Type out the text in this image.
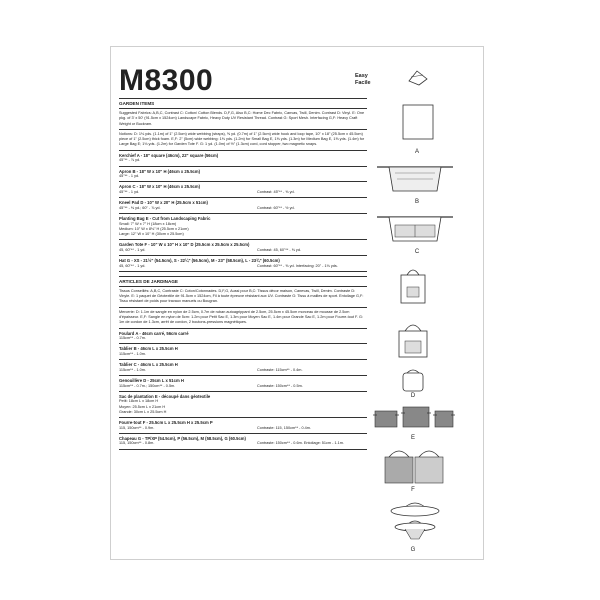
M8300	Easy
Facile
GARDEN ITEMS

Suggested Fabrics: A,B,C, Contrast C: Cotton/ Cotton Blends. D,F,G, Also B,C: Home Dec Fabric, Canvas, Twill, Denim. Contrast D: Vinyl. E: One pkg. of 3' x 50' (91.5cm x 1524cm) Landscape Fabric, Heavy Duty UV Resistant Thread. Contrast G: Sport Mesh. Interfacing G,F: Heavy Craft Weight or Buckram.

Notions: D: 1⅛ yds. (1.1m) of 1" (2.5cm) wide webbing (straps), ⅝ yd. (0.7m) of 1" (2.5cm) wide hook and loop tape, 10" x 18" (25.5cm x 45.5cm) piece of 1" (2.5cm) thick foam. E,F: 2" (5cm) wide webbing: 1⅜ yds. (1.2m) for Small Bag E, 1⅜ yds. (1.3m) for Medium Bag E, 1⅝ yds. (1.4m) for Large Bag E; 1⅛ yds. (1.2m) for Garden Tote F. G: 1 yd. (1.0m) of ½" (1.3cm) cord, cord stopper, two magnetic snaps.

Kerchief A - 18" square (46cm), 22" square (56cm)
45"** - ⅞ yd.
Apron B - 18" W x 10" H (46cm x 25.5cm)
45"** - 1 yd.
Apron C - 18" W x 10" H (46cm x 25.5cm)
45"** - 1 yd.	Contrast: 45"** - ⅜ yd.
Kneel Pad D - 10" W x 20" H (25.5cm x 51cm)
45"** - ⅜ yd.; 60" - ⅞ yd.	Contrast: 60"** - ½ yd.
Planting Bag E - Cut from Landscaping Fabric
Small: 7" W x 7" H (18cm x 18cm)
Medium: 10" W x 8⅛" H (25.5cm x 21cm)
Large: 12" W x 10" H (30cm x 25.5cm)
Garden Tote F - 10" W x 10" H x 10" D (25.5cm x 25.5cm x 25.5cm)
45, 60"** - 1 yd.	Contrast: 45, 60"** - ⅜ yd.
Hat G - XS - 21½" (54.5cm), S - 22¼" (56.5cm), M - 23" (58.5cm), L - 23¾" (60.5cm)
45, 60"** - 1 yd.	Contrast: 60"** - ⅝ yd. Interfacing: 20" - 1⅛ yds.
ARTICLES DE JARDINAGE

Tissus Conseillés: A,B,C, Contraste C: Coton/Cotonnades. D,F,G, Aussi pour B,C: Tissus décor maison, Canevas, Twill, Denim. Contraste D: Vinyle. E: 1 paquet de Géotextile de 91.5cm x 1524cm, Fil à toute épreuve résistant aux UV. Contraste G: Tissu à mailles de sport. Entoilage G,F: Tissu résistant de poids pour travaux manuels ou Bougran.

Mercerie: D: 1.1m de sangle en nylon de 2.5cm, 0.7m de ruban autoagrippant de 2.5cm, 25.5cm x 45.5cm morceau de mousse de 2.5cm d'épaisseur. E,F: Sangle en nylon de 5cm: 1.2m pour Petit Sac E, 1.3m pour Moyen Sac E, 1.4m pour Grande Sac E, 1.2m pour Fourre-tout F. G: 1m de cordon de 1.3cm, arrêt de cordon, 2 boutons-pressions magnétiques.

Foulard A - 46cm carré, 56cm carré
115cm** - 0.7m.
Tablier B - 46cm L x 25.5cm H
115cm** - 1.0m.
Tablier C - 46cm L x 25.5cm H
115cm** - 1.0m.	Contraste: 115cm** - 0.4m.
Genouillère D - 25cm L x 51cm H
115cm** - 0.7m.; 150cm** - 0.5m.	Contraste: 150cm** - 0.5m.
Sac de plantation E - découpé dans géotextile
Petit: 18cm L x 18cm H
Moyen: 25.5cm L x 21cm H
Grande: 30cm L x 25.5cm H
Fourre-tout F - 25.5cm L x 25.5cm H x 25.5cm P
115, 150cm** - 0.9m.	Contraste: 115, 150cm** - 0.4m.
Chapeau G - TP/XP (54.5cm), P (56.5cm), M (58.5cm), G (60.5cm)
115, 150cm** - 0.8m.	Contraste: 150cm** - 0.6m. Entoilage: 51cm - 1.1m.
A
B
C
D
E
F
G
